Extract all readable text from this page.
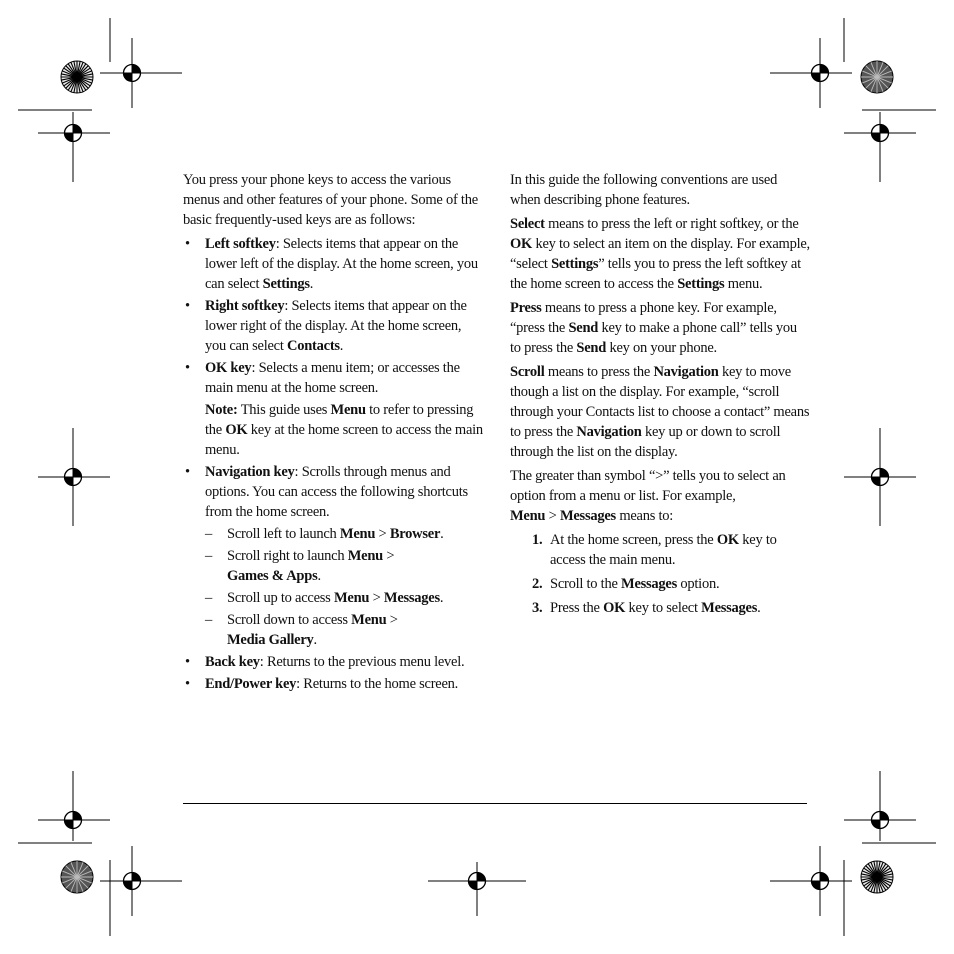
You press your phone keys to access the various menus and other features of your phone. Some of the basic frequently-used keys are as follows:

• Left softkey: Selects items that appear on the lower left of the display. At the home screen, you can select Settings.
• Right softkey: Selects items that appear on the lower right of the display. At the home screen, you can select Contacts.
• OK key: Selects a menu item; or accesses the main menu at the home screen.

Note: This guide uses Menu to refer to pressing the OK key at the home screen to access the main menu.

• Navigation key: Scrolls through menus and options. You can access the following shortcuts from the home screen.
– Scroll left to launch Menu > Browser.
– Scroll right to launch Menu >
Games & Apps.
– Scroll up to access Menu > Messages.
– Scroll down to access Menu >
Media Gallery.
• Back key: Returns to the previous menu level.
• End/Power key: Returns to the home screen.

In this guide the following conventions are used when describing phone features.

Select means to press the left or right softkey, or the OK key to select an item on the display. For example, “select Settings” tells you to press the left softkey at the home screen to access the Settings menu.

Press means to press a phone key. For example, “press the Send key to make a phone call” tells you to press the Send key on your phone.

Scroll means to press the Navigation key to move though a list on the display. For example, “scroll through your Contacts list to choose a contact” means to press the Navigation key up or down to scroll through the list on the display.

The greater than symbol “>” tells you to select an option from a menu or list. For example,
Menu > Messages means to:

1. At the home screen, press the OK key to access the main menu.
2. Scroll to the Messages option.
3. Press the OK key to select Messages.
